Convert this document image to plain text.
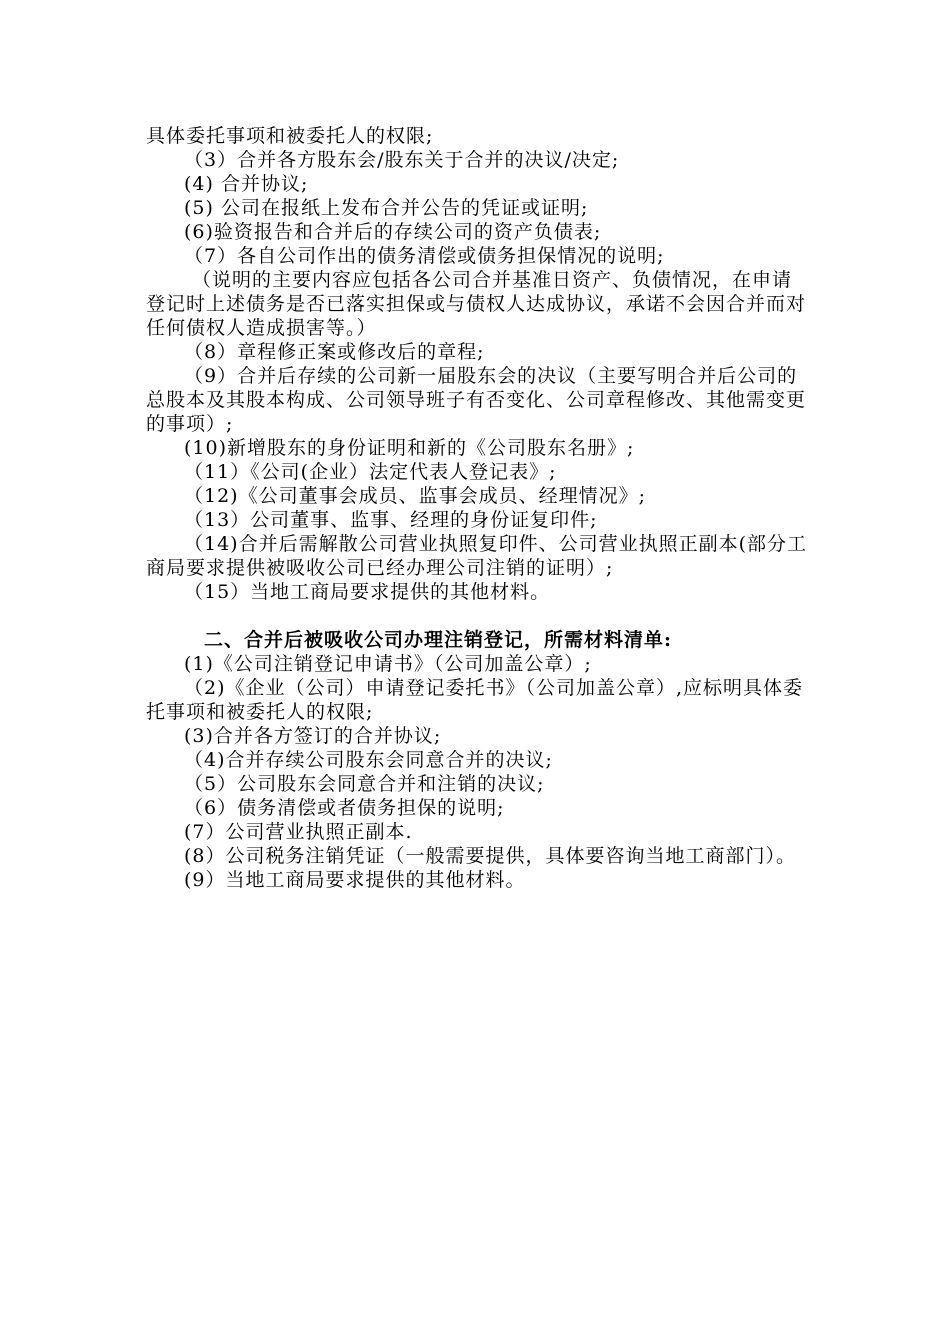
具体委托事项和被委托人的权限;

（3）合并各方股东会/股东关于合并的决议/决定;

(4) 合并协议;

(5) 公司在报纸上发布合并公告的凭证或证明;

(6)验资报告和合并后的存续公司的资产负债表;

（7）各自公司作出的债务清偿或债务担保情况的说明;

（说明的主要内容应包括各公司合并基准日资产、负债情况，在申请登记时上述债务是否已落实担保或与债权人达成协议，承诺不会因合并而对任何债权人造成损害等。）

（8）章程修正案或修改后的章程;

（9）合并后存续的公司新一届股东会的决议（主要写明合并后公司的总股本及其股本构成、公司领导班子有否变化、公司章程修改、其他需变更的事项）;

(10)新增股东的身份证明和新的《公司股东名册》;

（11）《公司(企业）法定代表人登记表》;

（12)《公司董事会成员、监事会成员、经理情况》;

（13）公司董事、监事、经理的身份证复印件;

（14)合并后需解散公司营业执照复印件、公司营业执照正副本(部分工商局要求提供被吸收公司已经办理公司注销的证明）;

（15）当地工商局要求提供的其他材料。

二、合并后被吸收公司办理注销登记，所需材料清单:

(1)《公司注销登记申请书》（公司加盖公章）;

（2)《企业（公司）申请登记委托书》（公司加盖公章）,应标明具体委托事项和被委托人的权限;

(3)合并各方签订的合并协议;

（4)合并存续公司股东会同意合并的决议;

（5）公司股东会同意合并和注销的决议;

（6）债务清偿或者债务担保的说明;

(7）公司营业执照正副本.

(8）公司税务注销凭证（一般需要提供，具体要咨询当地工商部门）。

(9）当地工商局要求提供的其他材料。
